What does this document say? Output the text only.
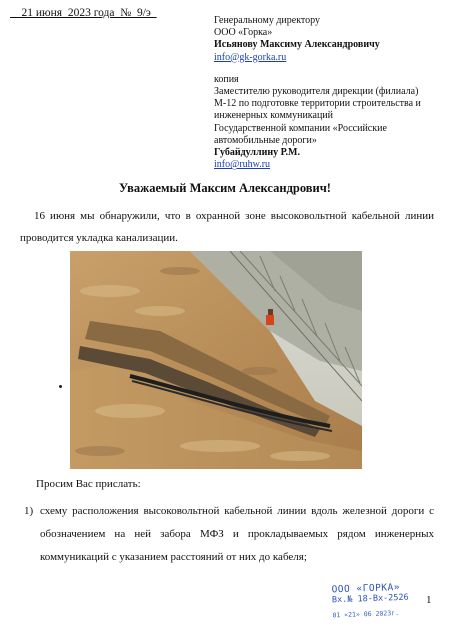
21 июня_2023 года  №  9/э
Генеральному директору
ООО «Горка»
Исьянову Максиму Александровичу
info@gk-gorka.ru
копия
Заместителю руководителя дирекции (филиала)
М-12 по подготовке территории строительства и
инженерных коммуникаций
Государственной компании «Российские
автомобильные дороги»
Губайдуллину Р.М.
info@ruhw.ru
Уважаемый Максим Александрович!
16 июня мы обнаружили, что в охранной зоне высоковольтной кабельной линии проводится укладка канализации.
Просим Вас прислать:
1) схему расположения высоковольтной кабельной линии вдоль железной дороги с обозначением на ней забора МФЗ и прокладываемых рядом инженерных коммуникаций с указанием расстояний от них до кабеля;
ООО «ГОРКА»
Вх.№ 18-Вх-2526
01 «21» 06 2023г.
1
